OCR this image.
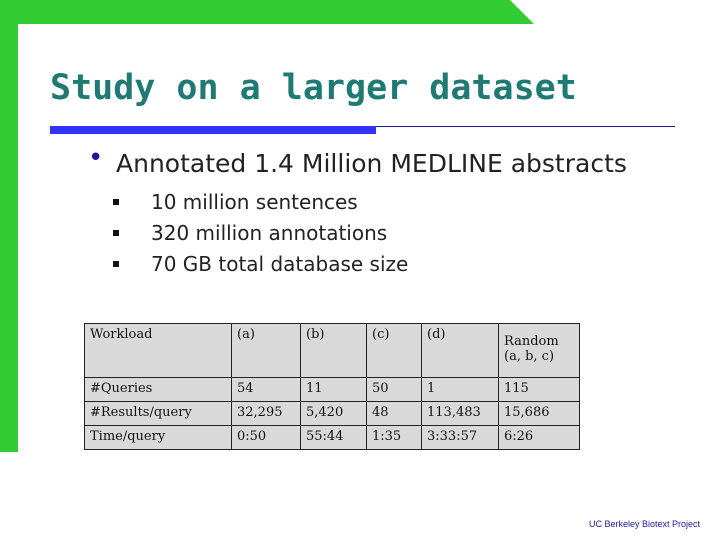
Study on a larger dataset
• Annotated 1.4 Million MEDLINE abstracts

10 million sentences
320 million annotations
70 GB total database size
Workload	(a)	(b)	(c)	(d)	Random (a, b, c)
#Queries	54	11	50	1	115
#Results/query	32,295	5,420	48	113,483	15,686
Time/query	0:50	55:44	1:35	3:33:57	6:26
UC Berkeley Biotext Project
